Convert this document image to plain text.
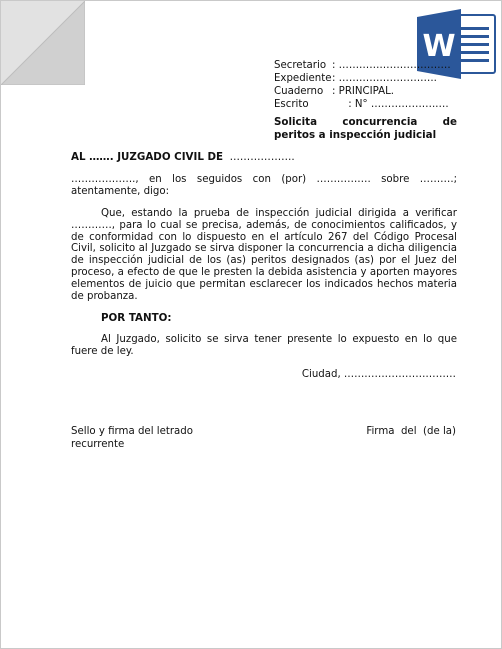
W
Secretario : ……………………………
Expediente : ………………………..
Cuaderno : PRINCIPAL.
Escrito	: N° ……………….….
Solicita concurrencia de peritos a inspección judicial
AL ……. JUZGADO CIVIL DE  ……………….
………………., en los seguidos con (por) ……………. sobre ……….; atentamente, digo:
Que, estando la prueba de inspección judicial dirigida a verificar …………, para lo cual se precisa, además, de conocimientos calificados, y de conformidad con lo dispuesto en el artículo 267 del Código Procesal Civil, solicito al Juzgado se sirva disponer la concurrencia a dicha diligencia de inspección judicial de los (as) peritos designados (as) por el Juez del proceso, a efecto de que le presten la debida asistencia y aporten mayores elementos de juicio que permitan esclarecer los indicados hechos materia de probanza.
POR TANTO:
Al Juzgado, solicito se sirva tener presente lo expuesto en lo que fuere de ley.
Ciudad, ……………………………
Sello y firma del letrado
recurrente
Firma  del  (de la)
